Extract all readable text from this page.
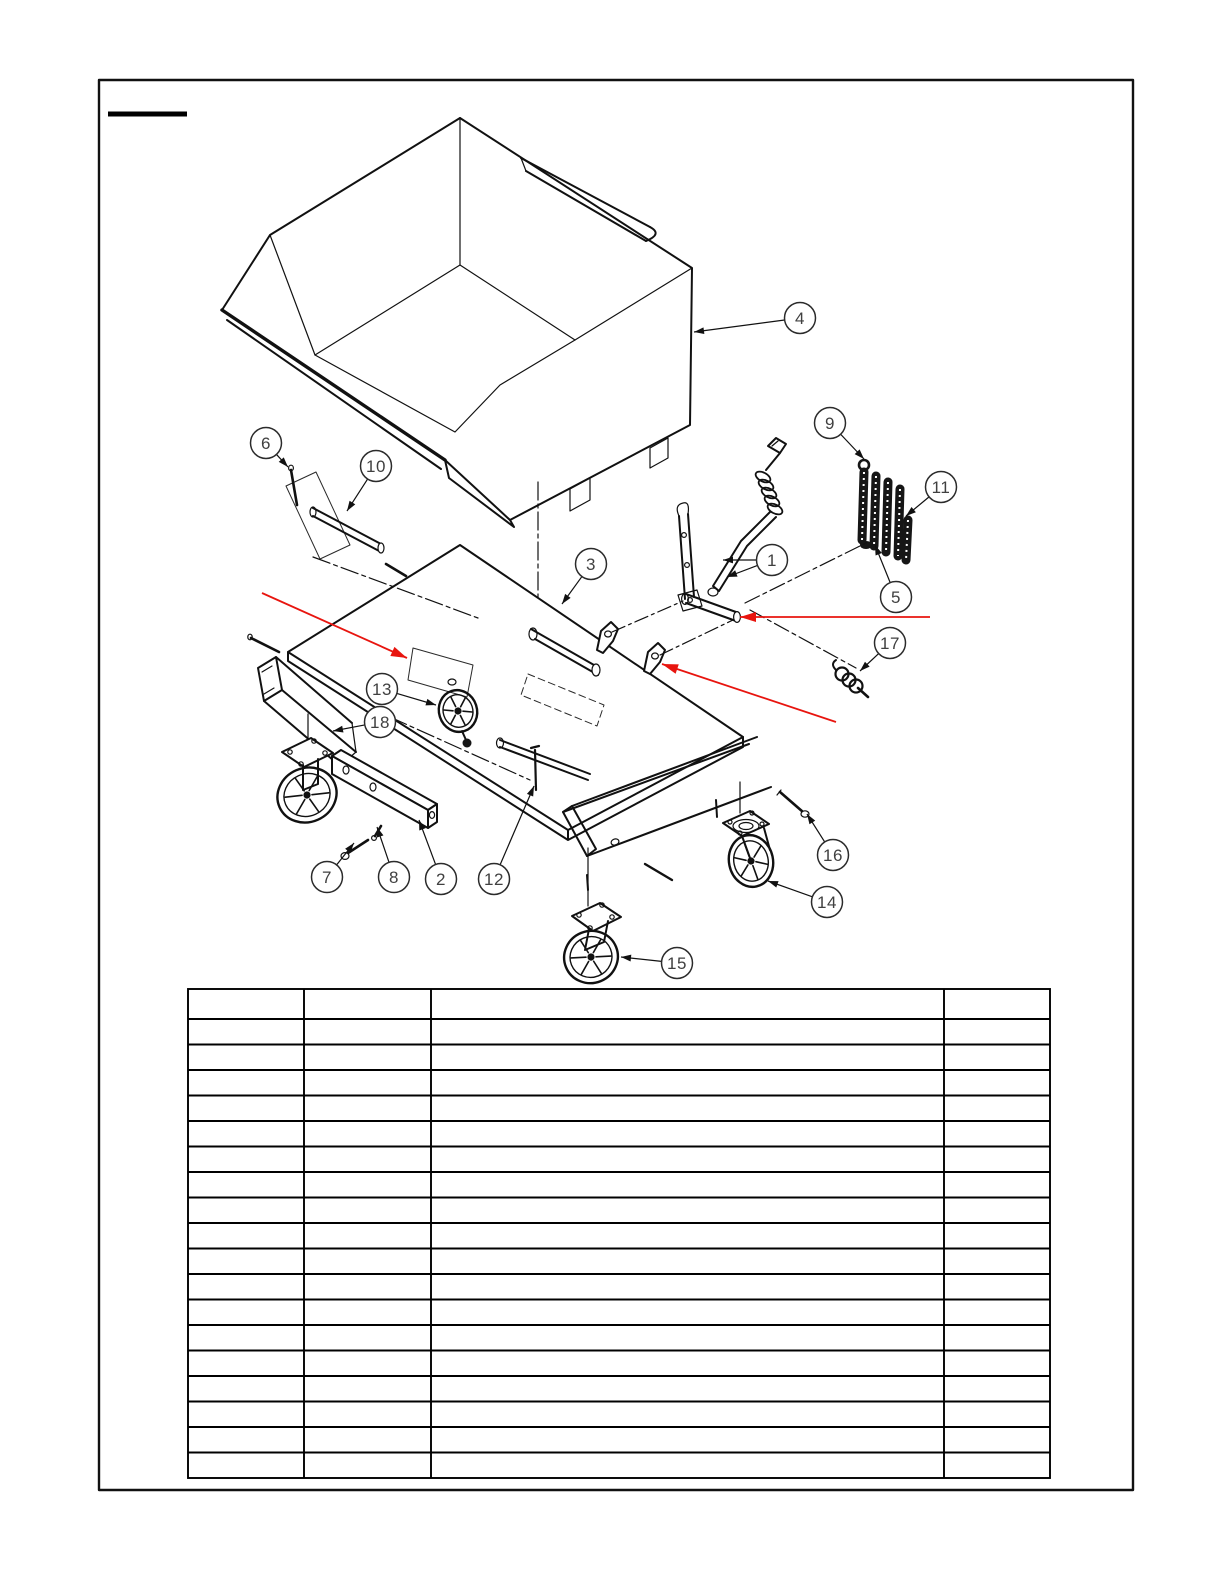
1
2
3
4
5
6
7	8
9
10
11
12
13
14
15
16
17
18
